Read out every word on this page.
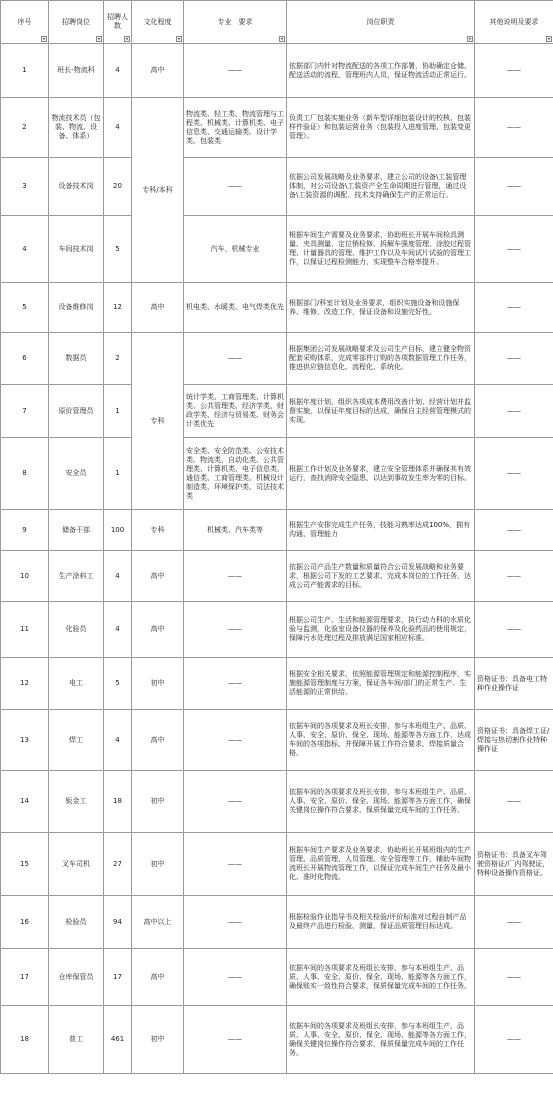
序号	招聘岗位	招聘人数	文化程度	专业　要求	岗位职责	其他说明及要求

1	班长-物流科	4	高中	——	依据部门内针对物流配送的各项工作部署，协助确定仓储、配送活动的流程，管理班内人员，保证物流活动正常运行。	——
2	物流技术员（包装、物流、设备、体系）	4	专科/本科	物流类、轻工类、物流管理与工程类、机械类、计算机类、电子信息类、交通运输类、设计学类、包装类	负责工厂包装实施业务（新车型详细包装设计的校核、包装样件验证）和包装运营业务（包装投入进度管理、包装变更管理）。	——
3	设备技术岗	20		——	依据公司发展战略及业务要求，建立公司的设备\工装管理体制，对公司设备\工装资产全生命周期进行管理，通过设备\工装资源的调配、技术支持确保生产的正常运行。	——
4	车间技术岗	5		汽车、机械专业	根据车间生产需要及业务要求，协助班长开展车间检具测量、夹具测量、定位销检修、拆解车强度管理、涂胶过程管理、计量器具的管理、维护工作以及车间试片试验的管理工作，以保证过程检测能力，实现整车合格率提升。	——
5	设备维修岗	12	高中	机电类、水暖类、电气焊类优先	根据部门/科室计划及业务要求，组织实施设备和设施保养、维修、改造工作，保证设备和设施完好性。	——
6	数据员	2	专科	——	根据集团公司发展战略要求及公司生产目标，建立健全物资配套采购体系，完成零部件订购的各项数据管理工作任务，推进供应链信息化、流程化、系统化。	——
7	原价管理员	1		统计学类、工商管理类、计算机类、公共管理类、经济学类、财政学类、经济与贸易类、财务会计类优先	根据年度计划，组织各项成本费用改善计划、经营计划并监督实施，以保证年度目标的达成，确保自主经营管理模式的实现。	——
8	安全员	1		安全类、安全防范类、公安技术类、物流类、自动化类、公共管理类、计算机类、电子信息类、通信类、工商管理类、机械设计制造类、环境保护类、司法技术类	根据工作计划及业务要求，建立安全管理体系并确保其有效运行，查找消除安全隐患，以达到事故发生率为零的目标。	——
9	储备干部	100	专科	机械类、汽车类等	根据生产安排完成生产任务，技能习熟率达成100%，拥有沟通、管理能力	——
10	生产涂料工	4	高中	——	依据公司产品生产数量和质量符合公司发展战略和业务要求，根据公司下发的工艺要求，完成本岗位的工作任务，达成公司产能需求的目标。	——
11	化验员	4	高中	——	根据公司生产、生活和能源管理要求，执行动力科的水质化验与监测，化验室设备仪器的保养及化验药品的使用规定，保障污水处理过程及排放满足国家相应标准。	——
12	电工	5	初中	——	根据安全相关要求，依照能源管理规定和能源控制程序，实施能源管理制度与方案，保证各车间/部门的正常生产、生活能源的正常供给。	资格证书：具备电工特种作业操作证
13	焊工	4	高中	——	依据车间的各项要求及班长安排，参与本班组生产、品质、人事、安全、原价、保全、现场、能源等各方面工作，达成车间的各项指标，并保障开展工作符合要求，焊接质量合格。	资格证书：具备焊工证/焊接与热切割作业特种操作证
14	钣金工	18	初中	——	依据车间的各项要求及班长安排，参与本班组生产、品质、人事、安全、原价、保全、现场、能源等各方面工作，确保关键岗位操作符合要求，保质保量完成车间的工作任务。	——
15	叉车司机	27	初中	——	根据车间生产要求及业务要求，协助班长开展班组内的生产管理、品质管理、人员管理、安全管理等工作，辅助车间物流班长开展物流管理工作，以保证完成车间生产任务及最小化、准时化物流。	资格证书：具备叉车驾驶资格证/厂内驾驶证，特种设备操作资格证。
16	检验员	94	高中以上	——	根据检验作业指导书及相关检验/评价标准对过程自制产品及最终产品进行检验、测量，保证品质管理目标达成。	——
17	仓库保管员	17	高中	——	依据车间的各项要求及班组长安排，参与本班组生产、品质、人事、安全、原价、保全、现场、能源等各方面工作，确保账实一致性符合要求，保质保量完成车间的工作任务。	——
18	普工	461	初中	——	依据车间的各项要求及班组长安排，参与本班组生产、品质、人事、安全、原价、保全、现场、能源等各方面工作，确保关键岗位操作符合要求，保质保量完成车间的工作任务。	——
